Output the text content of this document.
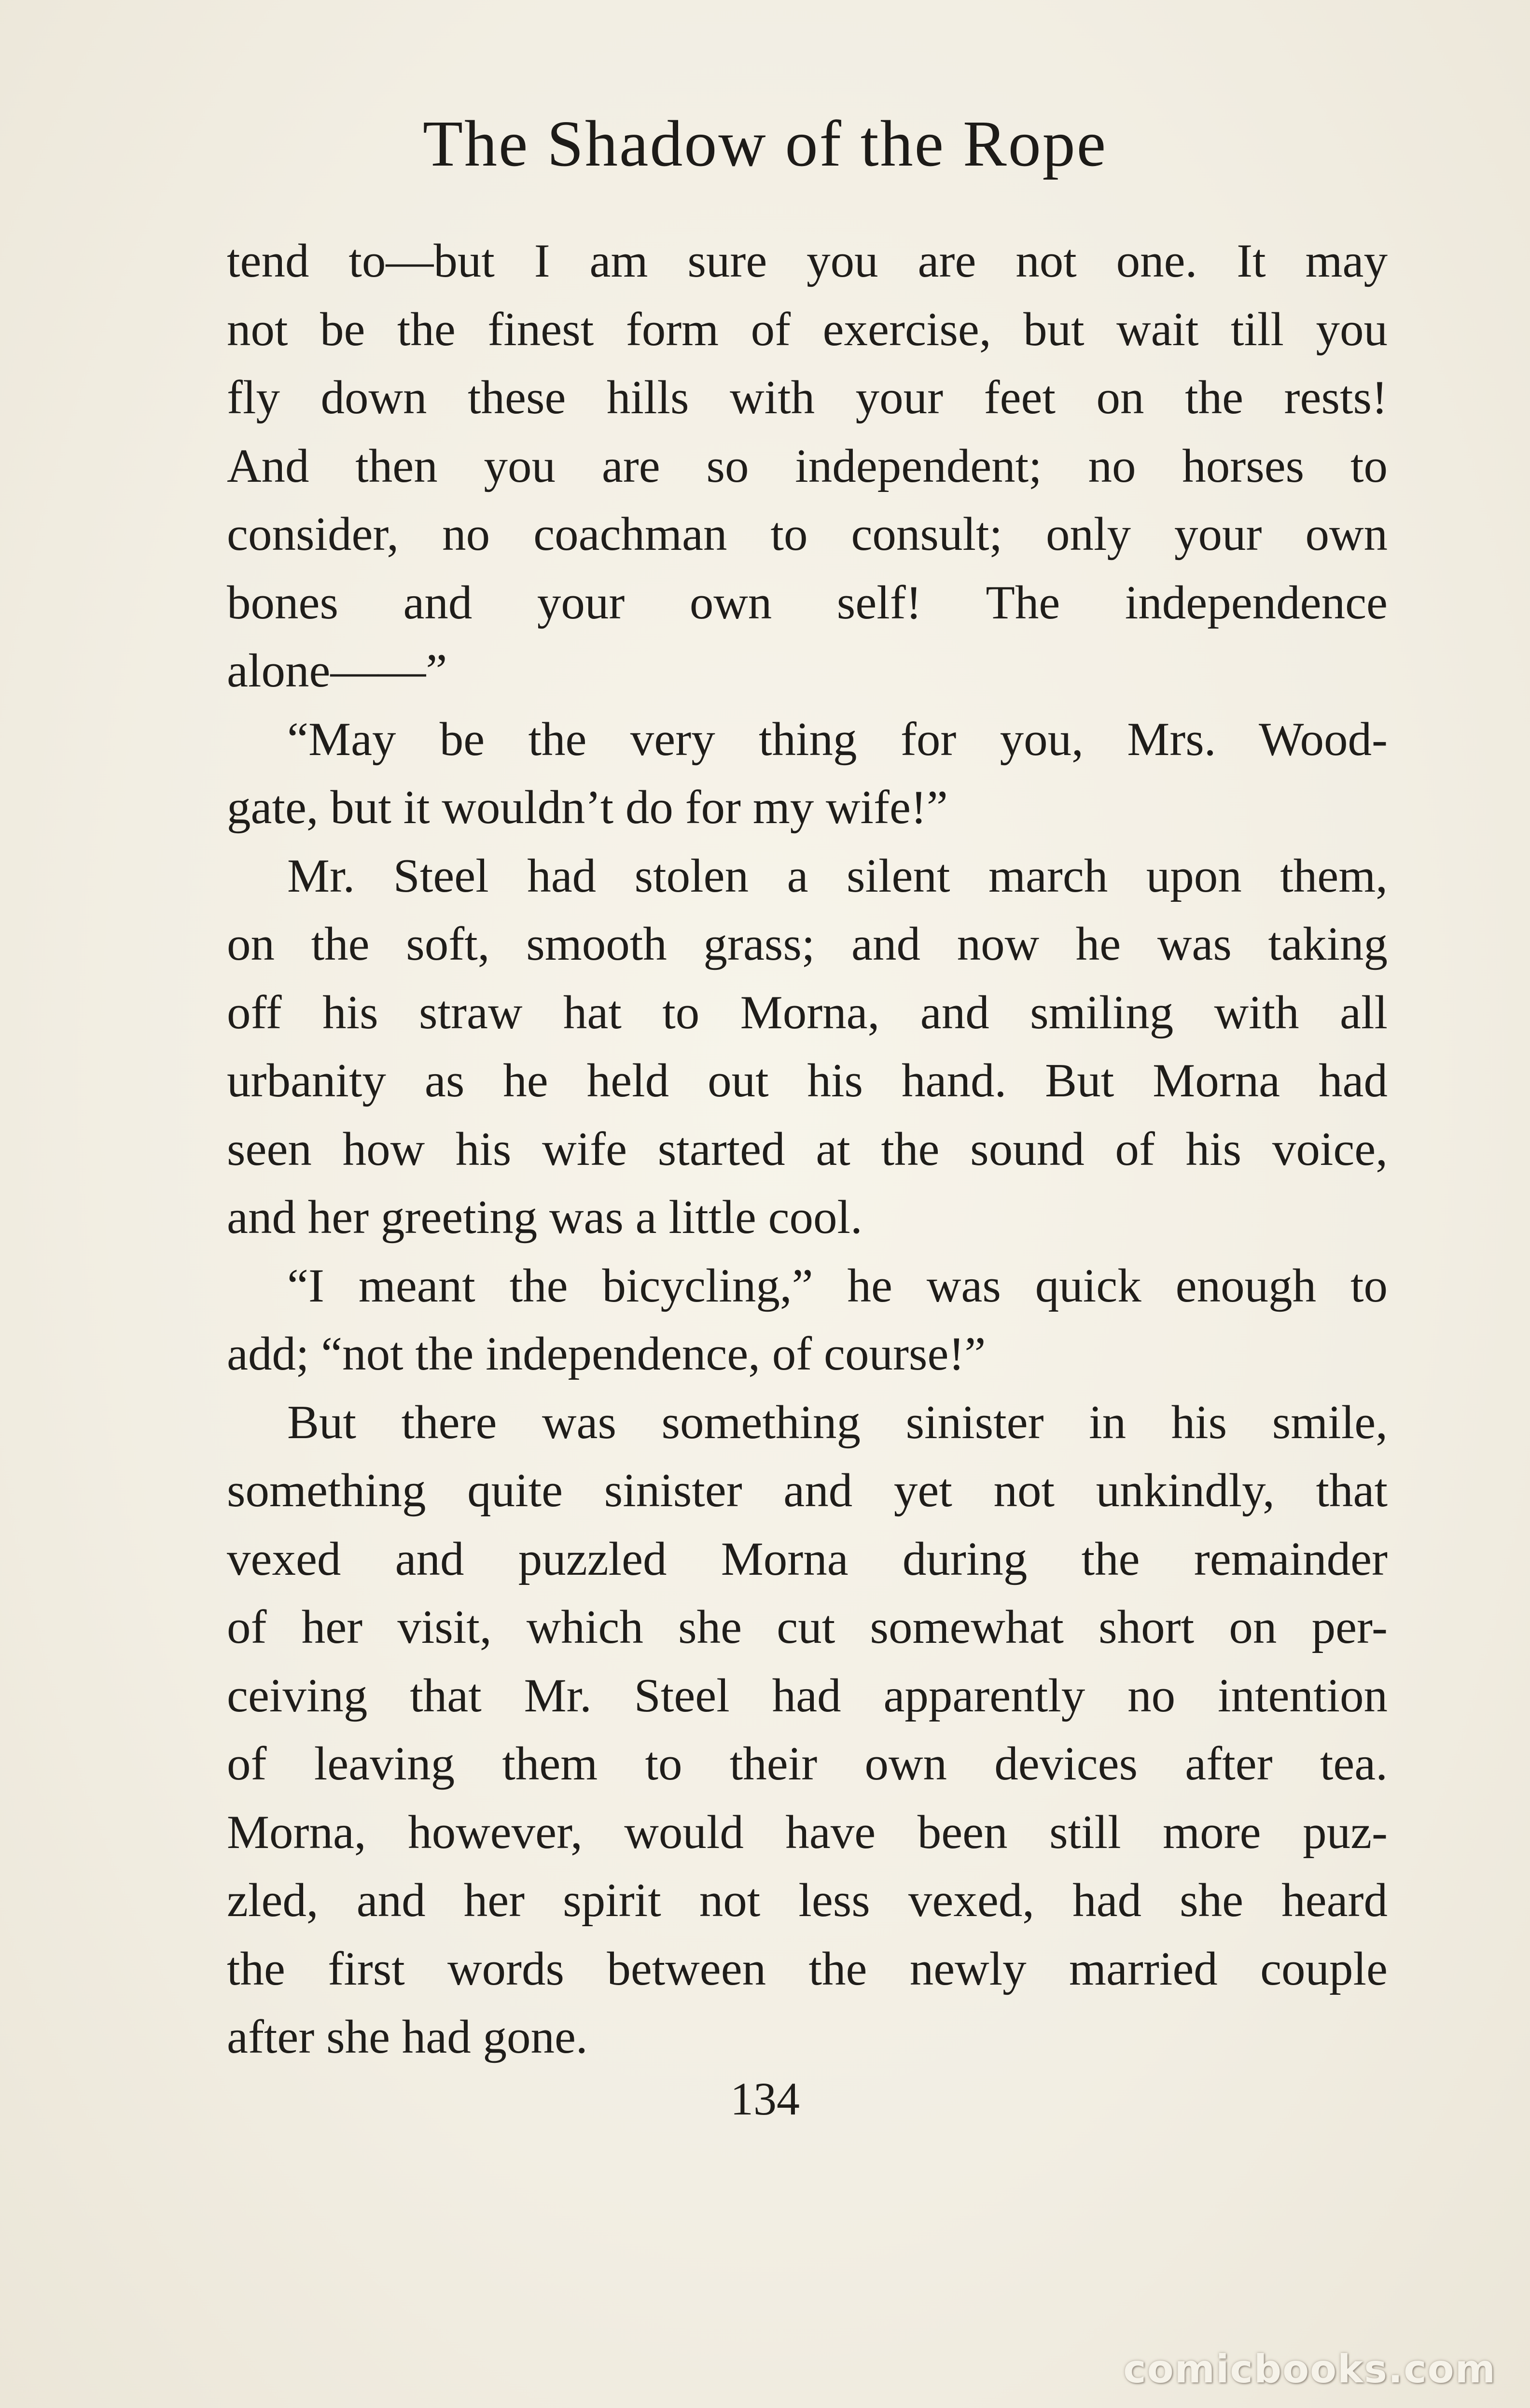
The Shadow of the Rope
tend to—but I am sure you are not one. It may
not be the finest form of exercise, but wait till you
fly down these hills with your feet on the rests!
And then you are so independent; no horses to
consider, no coachman to consult; only your own
bones and your own self! The independence
alone——”
“May be the very thing for you, Mrs. Wood-
gate, but it wouldn’t do for my wife!”
Mr. Steel had stolen a silent march upon them,
on the soft, smooth grass; and now he was taking
off his straw hat to Morna, and smiling with all
urbanity as he held out his hand. But Morna had
seen how his wife started at the sound of his voice,
and her greeting was a little cool.
“I meant the bicycling,” he was quick enough to
add; “not the independence, of course!”
But there was something sinister in his smile,
something quite sinister and yet not unkindly, that
vexed and puzzled Morna during the remainder
of her visit, which she cut somewhat short on per-
ceiving that Mr. Steel had apparently no intention
of leaving them to their own devices after tea.
Morna, however, would have been still more puz-
zled, and her spirit not less vexed, had she heard
the first words between the newly married couple
after she had gone.
134
comicbooks.com
